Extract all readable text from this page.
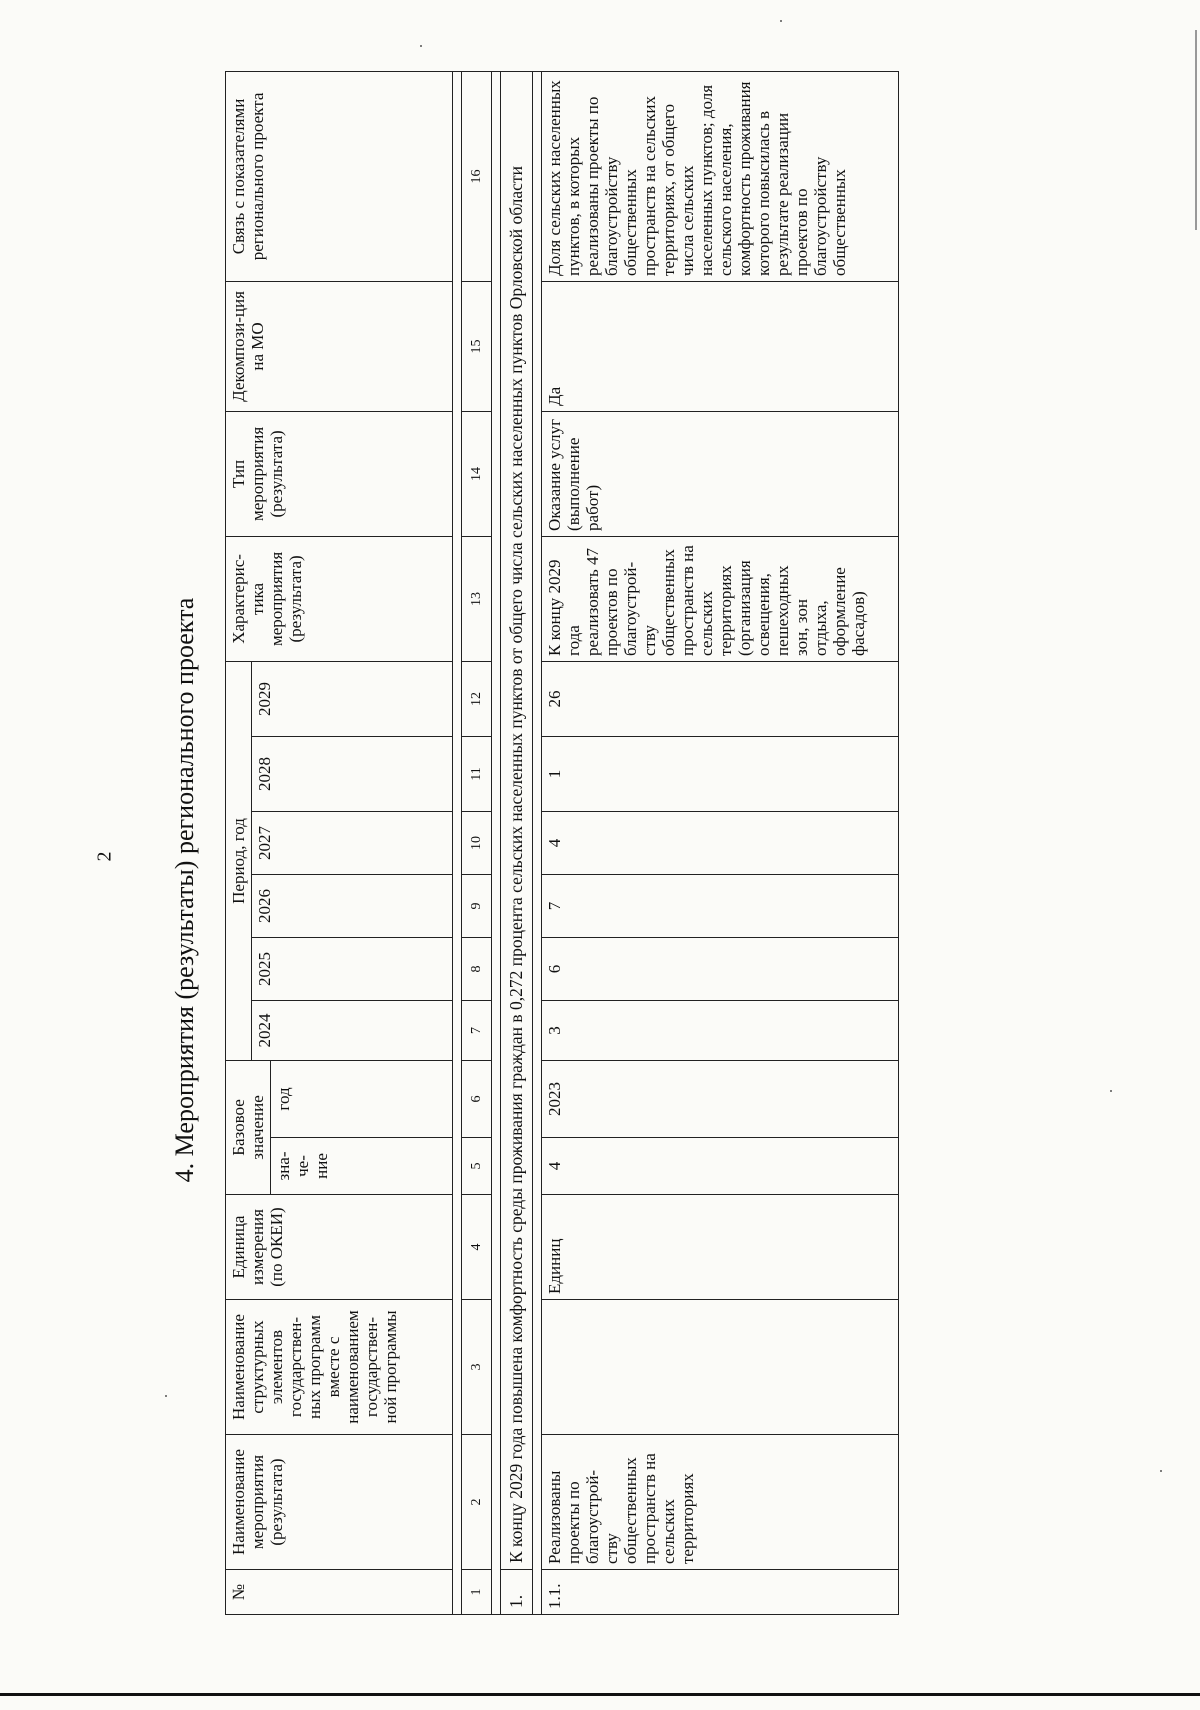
2 4. Мероприятия (результаты) регионального проекта
№	Наименование мероприятия (результата)	Наименование структурных элементов государствен-ных программ вместе с наименованием государствен-ной программы	Единица измерения (по ОКЕИ)	Базовое значение		Период, год						Характерис-тика мероприятия (результата)	Тип мероприятия (результата)	Декомпози-ция на МО	Связь с показателями регионального проекта
						2024	2025	2026	2027	2028	2029				
				зна-че-ние	год										

1	2	3	4	5	6	7	8	9	10	11	12	13	14	15	16

1.	К концу 2029 года повышена комфортность среды проживания граждан в 0,272 процента сельских населенных пунктов от общего числа сельских населенных пунктов Орловской области														

1.1.	Реализованы проекты по благоустрой-ству общественных пространств на сельских территориях		Единиц	4	2023	3	6	7	4	1	26	К концу 2029 года реализовать 47 проектов по благоустрой-ству общественных пространств на сельских территориях (организация освещения, пешеходных зон, зон отдыха, оформление фасадов)	Оказание услуг (выполнение работ)	Да	Доля сельских населенных пунктов, в которых реализованы проекты по благоустройству общественных пространств на сельских территориях, от общего числа сельских населенных пунктов; доля сельского населения, комфортность проживания которого повысилась в результате реализации проектов по благоустройству общественных
